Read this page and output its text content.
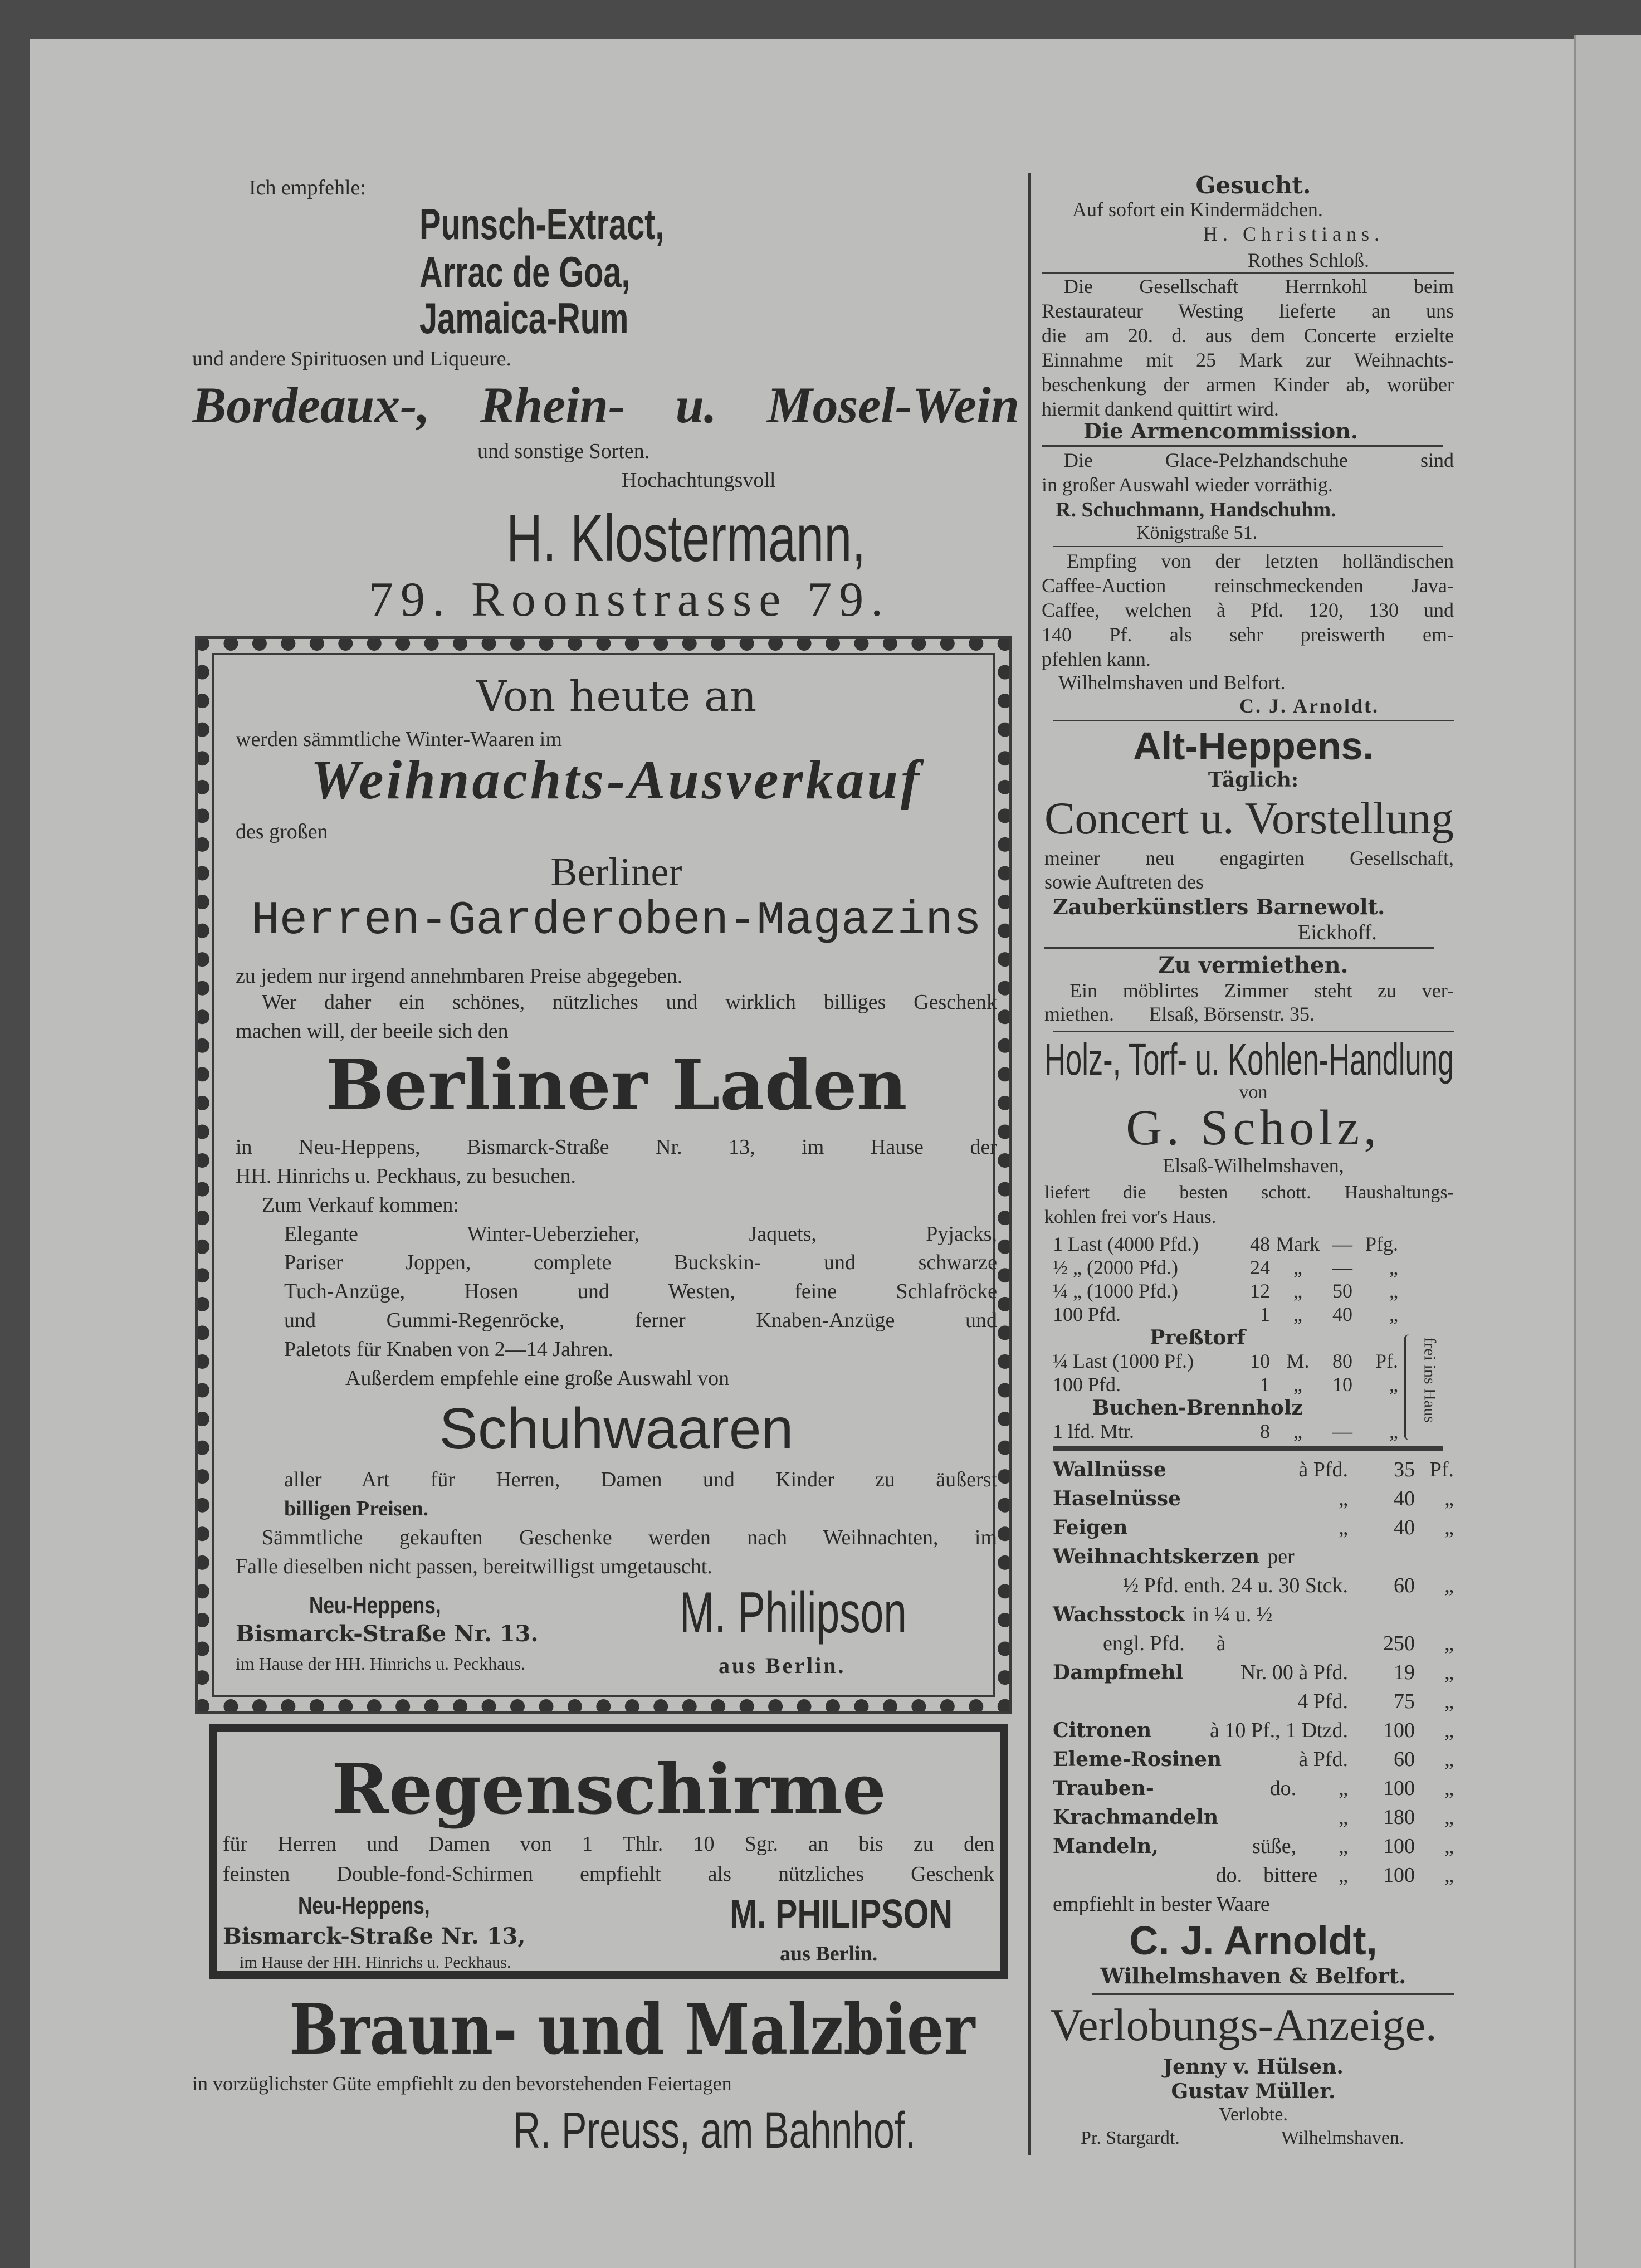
Ich empfehle:
Punsch-Extract,
Arrac de Goa,
Jamaica-Rum
und andere Spirituosen und Liqueure.
Bordeaux-, Rhein- u. Mosel-Wein
und sonstige Sorten.
Hochachtungsvoll
H. Klostermann,
79. Roonstrasse 79.
Von heute an
werden sämmtliche Winter-Waaren im
Weihnachts-Ausverkauf
des großen
Berliner
Herren-Garderoben-Magazins
zu jedem nur irgend annehmbaren Preise abgegeben.
Wer daher ein schönes, nützliches und wirklich billiges Geschenk
machen will, der beeile sich den
Berliner Laden
in Neu-Heppens, Bismarck-Straße Nr. 13, im Hause der
HH. Hinrichs u. Peckhaus, zu besuchen.
Zum Verkauf kommen:
Elegante Winter-Ueberzieher, Jaquets, Pyjacks,
Pariser Joppen, complete Buckskin- und schwarze
Tuch-Anzüge, Hosen und Westen, feine Schlafröcke
und Gummi-Regenröcke, ferner Knaben-Anzüge und
Paletots für Knaben von 2—14 Jahren.
Außerdem empfehle eine große Auswahl von
Schuhwaaren
aller Art für Herren, Damen und Kinder zu äußerst
billigen Preisen.
Sämmtliche gekauften Geschenke werden nach Weihnachten, im
Falle dieselben nicht passen, bereitwilligst umgetauscht.
Neu-Heppens,
Bismarck-Straße Nr. 13.
im Hause der HH. Hinrichs u. Peckhaus.
M. Philipson
aus Berlin.
Regenschirme
für Herren und Damen von 1 Thlr. 10 Sgr. an bis zu den
feinsten Double-fond-Schirmen empfiehlt als nützliches Geschenk
Neu-Heppens,
Bismarck-Straße Nr. 13,
im Hause der HH. Hinrichs u. Peckhaus.
M. PHILIPSON
aus Berlin.
Braun- und Malzbier
in vorzüglichster Güte empfiehlt zu den bevorstehenden Feiertagen
R. Preuss, am Bahnhof.
Gesucht.
Auf sofort ein Kindermädchen.
H. Christians.
Rothes Schloß.
Die Gesellschaft Herrnkohl beim
Restaurateur Westing lieferte an uns
die am 20. d. aus dem Concerte erzielte
Einnahme mit 25 Mark zur Weihnachts-
beschenkung der armen Kinder ab, worüber
hiermit dankend quittirt wird.
Die Armencommission.
Die Glace-Pelzhandschuhe sind
in großer Auswahl wieder vorräthig.
R. Schuchmann, Handschuhm.
Königstraße 51.
Empfing von der letzten holländischen
Caffee-Auction reinschmeckenden Java-
Caffee, welchen à Pfd. 120, 130 und
140 Pf. als sehr preiswerth em-
pfehlen kann.
Wilhelmshaven und Belfort.
C. J. Arnoldt.
Alt-Heppens.
Täglich:
Concert u. Vorstellung
meiner neu engagirten Gesellschaft,
sowie Auftreten des
Zauberkünstlers Barnewolt.
Eickhoff.
Zu vermiethen.
Ein möblirtes Zimmer steht zu ver-
miethen.       Elsaß, Börsenstr. 35.
Holz-, Torf- u. Kohlen-Handlung
von
G. Scholz,
Elsaß-Wilhelmshaven,
liefert die besten schott. Haushaltungs-
kohlen frei vor's Haus.
1 Last (4000 Pfd.)	48 Mark — Pfg.
½ „ (2000 Pfd.)	24	„	—	„
¼ „ (1000 Pfd.)	12	„	50	„
100 Pfd.	1	„	40	„
Preßtorf
¼ Last (1000 Pf.)	10 M.	80	Pf.
100 Pfd.	1	„	10	„
Buchen-Brennholz
1 lfd. Mtr.	8	„	—	„
frei ins Haus
Wallnüsse	à Pfd.	35 Pf.
Haselnüsse	„	40	„
Feigen	„	40	„
Weihnachtskerzen per
½ Pfd. enth. 24 u. 30 Stck.	60	„
Wachsstock in ¼ u. ½
engl. Pfd.      à	250	„
Dampfmehl	Nr. 00 à Pfd.	19	„
4 Pfd.	75	„
Citronen	à 10 Pf., 1 Dtzd.	100	„
Eleme-Rosinen	à Pfd.	60	„
Trauben-	do.        „	100	„
Krachmandeln	„	180	„
Mandeln,	süße,        „	100	„
do.    bittere    „	100	„
empfiehlt in bester Waare
C. J. Arnoldt,
Wilhelmshaven & Belfort.
Verlobungs-Anzeige.
Jenny v. Hülsen.
Gustav Müller.
Verlobte.
Pr. Stargardt.	Wilhelmshaven.
